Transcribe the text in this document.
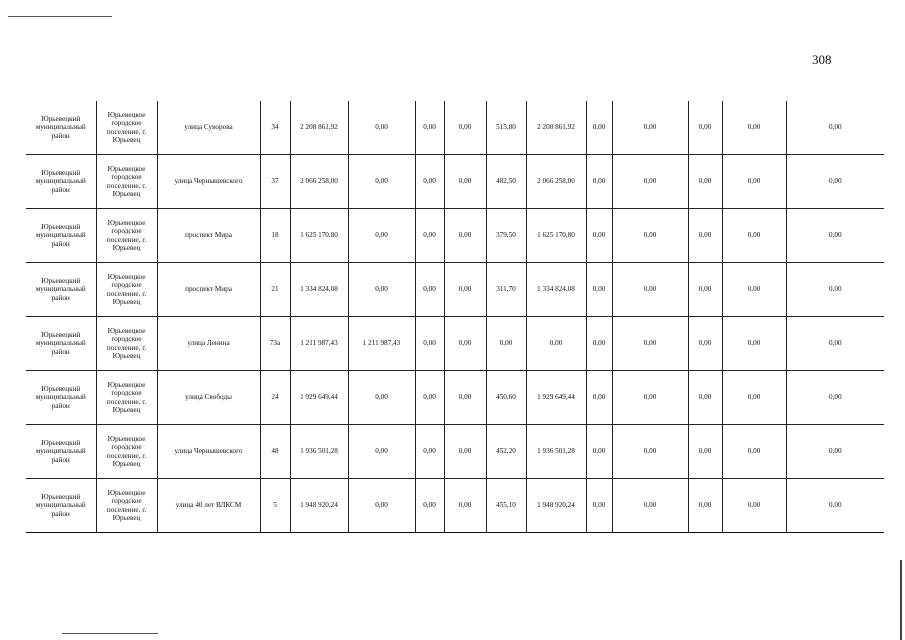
308
Юрьевецкий муниципальный район	Юрьевецкое городское поселение, г. Юрьевец	улица Суворова	34	2 208 861,92	0,00	0,00	0,00	515,80	2 208 861,92	0,00	0,00	0,00	0,00	0,00
Юрьевецкий муниципальный район	Юрьевецкое городское поселение, г. Юрьевец	улица Чернышевского	37	2 066 258,00	0,00	0,00	0,00	482,50	2 066 258,00	0,00	0,00	0,00	0,00	0,00
Юрьевецкий муниципальный район	Юрьевецкое городское поселение, г. Юрьевец	проспект Мира	18	1 625 170,80	0,00	0,00	0,00	379,50	1 625 170,80	0,00	0,00	0,00	0,00	0,00
Юрьевецкий муниципальный район	Юрьевецкое городское поселение, г. Юрьевец	проспект Мира	21	1 334 824,08	0,00	0,00	0,00	311,70	1 334 824,08	0,00	0,00	0,00	0,00	0,00
Юрьевецкий муниципальный район	Юрьевецкое городское поселение, г. Юрьевец	улица Ленина	73а	1 211 987,43	1 211 987,43	0,00	0,00	0,00	0,00	0,00	0,00	0,00	0,00	0,00
Юрьевецкий муниципальный район	Юрьевецкое городское поселение, г. Юрьевец	улица Свободы	24	1 929 649,44	0,00	0,00	0,00	450,60	1 929 649,44	0,00	0,00	0,00	0,00	0,00
Юрьевецкий муниципальный район	Юрьевецкое городское поселение, г. Юрьевец	улица Чернышевского	48	1 936 501,28	0,00	0,00	0,00	452,20	1 936 501,28	0,00	0,00	0,00	0,00	0,00
Юрьевецкий муниципальный район	Юрьевецкое городское поселение, г. Юрьевец	улица 40 лет ВЛКСМ	5	1 948 920,24	0,00	0,00	0,00	455,10	1 948 920,24	0,00	0,00	0,00	0,00	0,00
